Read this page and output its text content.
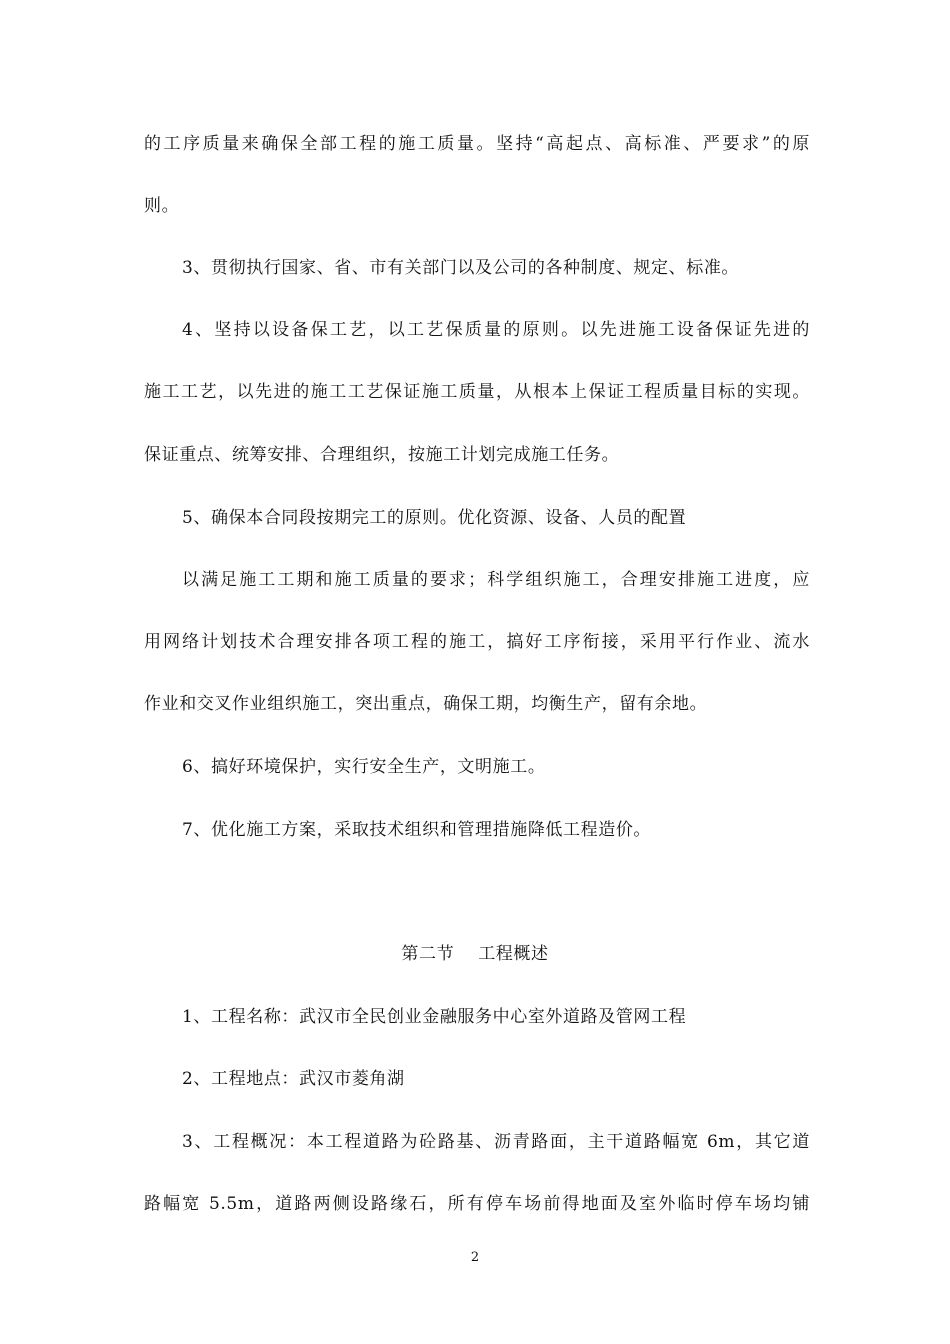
的工序质量来确保全部工程的施工质量。坚持“高起点、高标准、严要求”的原
则。
3、贯彻执行国家、省、市有关部门以及公司的各种制度、规定、标准。
4、坚持以设备保工艺，以工艺保质量的原则。以先进施工设备保证先进的
施工工艺，以先进的施工工艺保证施工质量，从根本上保证工程质量目标的实现。
保证重点、统筹安排、合理组织，按施工计划完成施工任务。
5、确保本合同段按期完工的原则。优化资源、设备、人员的配置
以满足施工工期和施工质量的要求；科学组织施工，合理安排施工进度，应
用网络计划技术合理安排各项工程的施工，搞好工序衔接，采用平行作业、流水
作业和交叉作业组织施工，突出重点，确保工期，均衡生产，留有余地。
6、搞好环境保护，实行安全生产，文明施工。
7、优化施工方案，采取技术组织和管理措施降低工程造价。
第二节    工程概述
1、工程名称：武汉市全民创业金融服务中心室外道路及管网工程
2、工程地点：武汉市菱角湖
3、工程概况：本工程道路为砼路基、沥青路面，主干道路幅宽 6m，其它道
路幅宽 5.5m，道路两侧设路缘石，所有停车场前得地面及室外临时停车场均铺
2
